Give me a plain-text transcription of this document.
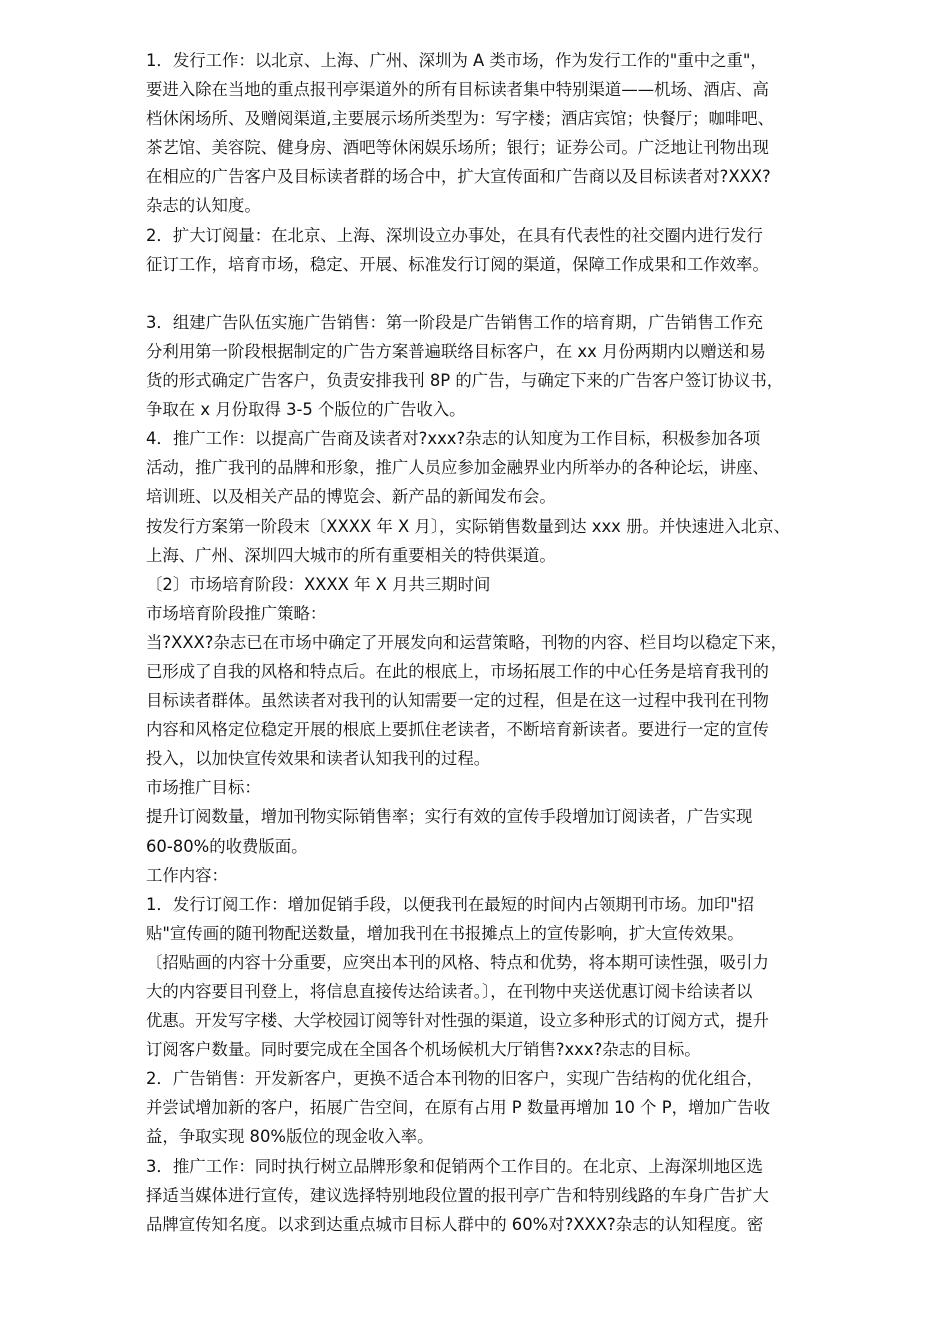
1．发行工作：以北京、上海、广州、深圳为 A 类市场，作为发行工作的"重中之重"，
要进入除在当地的重点报刊亭渠道外的所有目标读者集中特别渠道——机场、酒店、高
档休闲场所、及赠阅渠道,主要展示场所类型为：写字楼；酒店宾馆；快餐厅；咖啡吧、
茶艺馆、美容院、健身房、酒吧等休闲娱乐场所；银行；证券公司。广泛地让刊物出现
在相应的广告客户及目标读者群的场合中，扩大宣传面和广告商以及目标读者对?XXX?
杂志的认知度。
2．扩大订阅量：在北京、上海、深圳设立办事处，在具有代表性的社交圈内进行发行
征订工作，培育市场，稳定、开展、标准发行订阅的渠道，保障工作成果和工作效率。
3．组建广告队伍实施广告销售：第一阶段是广告销售工作的培育期，广告销售工作充
分利用第一阶段根据制定的广告方案普遍联络目标客户，在 xx 月份两期内以赠送和易
货的形式确定广告客户，负责安排我刊 8P 的广告，与确定下来的广告客户签订协议书，
争取在 x 月份取得 3-5 个版位的广告收入。
4．推广工作：以提高广告商及读者对?xxx?杂志的认知度为工作目标，积极参加各项
活动，推广我刊的品牌和形象，推广人员应参加金融界业内所举办的各种论坛，讲座、
培训班、以及相关产品的博览会、新产品的新闻发布会。
按发行方案第一阶段末〔XXXX 年 X 月〕，实际销售数量到达 xxx 册。并快速进入北京、
上海、广州、深圳四大城市的所有重要相关的特供渠道。
〔2〕市场培育阶段：XXXX 年 X 月共三期时间
市场培育阶段推广策略：
当?XXX?杂志已在市场中确定了开展发向和运营策略，刊物的内容、栏目均以稳定下来，
已形成了自我的风格和特点后。在此的根底上，市场拓展工作的中心任务是培育我刊的
目标读者群体。虽然读者对我刊的认知需要一定的过程，但是在这一过程中我刊在刊物
内容和风格定位稳定开展的根底上要抓住老读者，不断培育新读者。要进行一定的宣传
投入，以加快宣传效果和读者认知我刊的过程。
市场推广目标：
提升订阅数量，增加刊物实际销售率；实行有效的宣传手段增加订阅读者，广告实现
60-80%的收费版面。
工作内容：
1．发行订阅工作：增加促销手段，以便我刊在最短的时间内占领期刊市场。加印"招
贴"宣传画的随刊物配送数量，增加我刊在书报摊点上的宣传影响，扩大宣传效果。
〔招贴画的内容十分重要，应突出本刊的风格、特点和优势，将本期可读性强，吸引力
大的内容要目刊登上，将信息直接传达给读者。〕，在刊物中夹送优惠订阅卡给读者以
优惠。开发写字楼、大学校园订阅等针对性强的渠道，设立多种形式的订阅方式，提升
订阅客户数量。同时要完成在全国各个机场候机大厅销售?xxx?杂志的目标。
2．广告销售：开发新客户，更换不适合本刊物的旧客户，实现广告结构的优化组合，
并尝试增加新的客户，拓展广告空间，在原有占用 P 数量再增加 10 个 P，增加广告收
益，争取实现 80%版位的现金收入率。
3．推广工作：同时执行树立品牌形象和促销两个工作目的。在北京、上海深圳地区选
择适当媒体进行宣传，建议选择特别地段位置的报刊亭广告和特别线路的车身广告扩大
品牌宣传知名度。以求到达重点城市目标人群中的 60%对?XXX?杂志的认知程度。密
